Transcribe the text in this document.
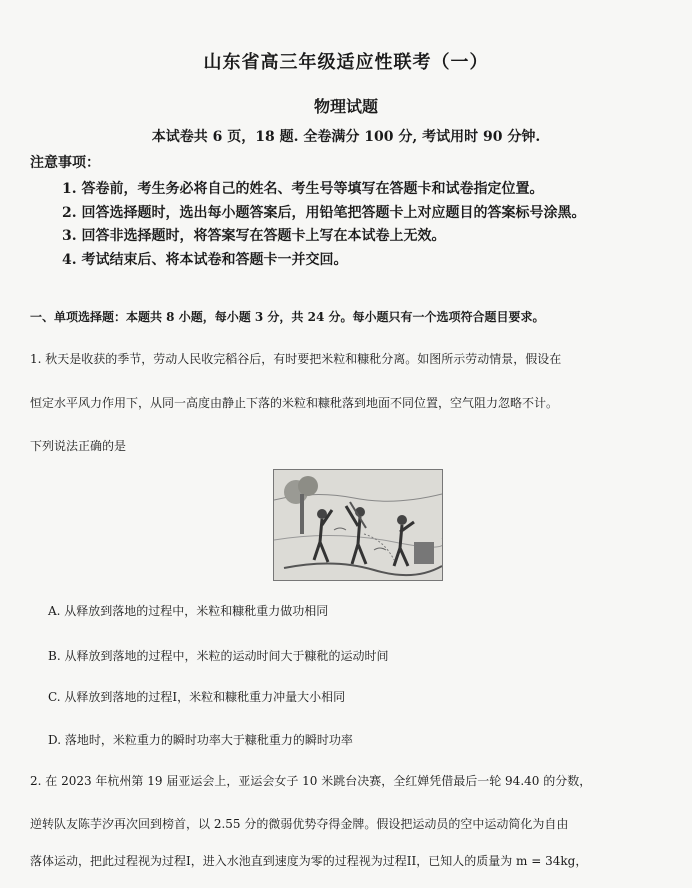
山东省高三年级适应性联考（一）
物理试题
本试卷共 6 页，18 题. 全卷满分 100 分, 考试用时 90 分钟.
注意事项：
1. 答卷前，考生务必将自己的姓名、考生号等填写在答题卡和试卷指定位置。
2. 回答选择题时，选出每小题答案后，用铅笔把答题卡上对应题目的答案标号涂黑。
3. 回答非选择题时，将答案写在答题卡上写在本试卷上无效。
4. 考试结束后、将本试卷和答题卡一并交回。
一、单项选择题：本题共 8 小题，每小题 3 分，共 24 分。每小题只有一个选项符合题目要求。
1. 秋天是收获的季节，劳动人民收完稻谷后，有时要把米粒和糠秕分离。如图所示劳动情景，假设在
恒定水平风力作用下，从同一高度由静止下落的米粒和糠秕落到地面不同位置，空气阻力忽略不计。
下列说法正确的是
A. 从释放到落地的过程中，米粒和糠秕重力做功相同
B. 从释放到落地的过程中，米粒的运动时间大于糠秕的运动时间
C. 从释放到落地的过程I，米粒和糠秕重力冲量大小相同
D. 落地时，米粒重力的瞬时功率大于糠秕重力的瞬时功率
2. 在 2023 年杭州第 19 届亚运会上，亚运会女子 10 米跳台决赛，全红婵凭借最后一轮 94.40 的分数，
逆转队友陈芋汐再次回到榜首，以 2.55 分的微弱优势夺得金牌。假设把运动员的空中运动简化为自由
落体运动，把此过程视为过程I，进入水池直到速度为零的过程视为过程II，已知人的质量为 m = 34kg，
